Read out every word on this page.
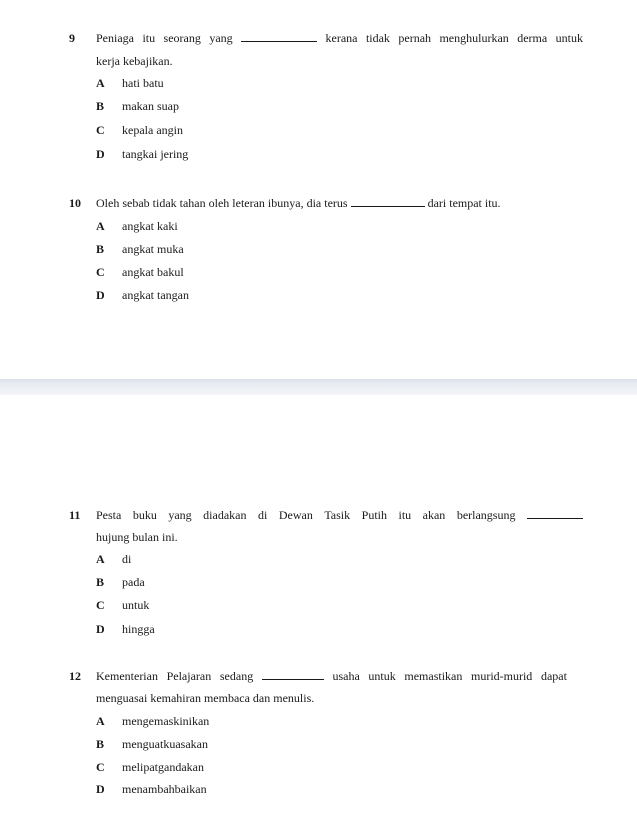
9 Peniaga itu seorang yang	kerana tidak pernah menghulurkan derma untuk
kerja kebajikan.
A hati batu
B makan suap
C kepala angin
D tangkai jering
10 Oleh sebab tidak tahan oleh leteran ibunya, dia terus	dari tempat itu.
A angkat kaki
B angkat muka
C angkat bakul
D angkat tangan
11 Pesta buku yang diadakan di Dewan Tasik Putih itu akan berlangsung
hujung bulan ini.
A di
B pada
C untuk
D hingga
12 Kementerian Pelajaran sedang	usaha untuk memastikan murid-murid dapat
menguasai kemahiran membaca dan menulis.
A mengemaskinikan
B menguatkuasakan
C melipatgandakan
D menambahbaikan
